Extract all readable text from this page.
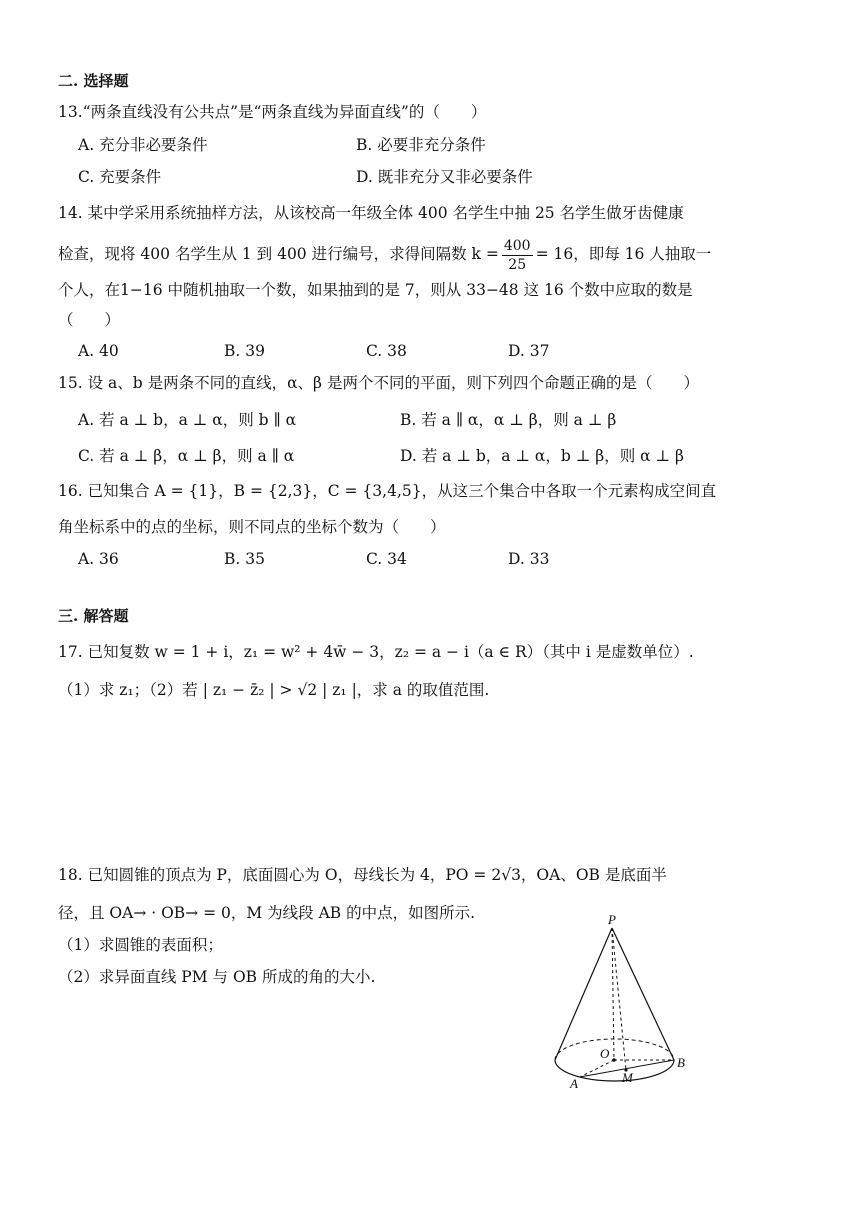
二. 选择题
13.“两条直线没有公共点”是“两条直线为异面直线”的（　　）
A. 充分非必要条件	B. 必要非充分条件
C. 充要条件	D. 既非充分又非必要条件
14. 某中学采用系统抽样方法，从该校高一年级全体 400 名学生中抽 25 名学生做牙齿健康
检查，现将 400 名学生从 1 到 400 进行编号，求得间隔数 $k = \frac{400}{25} = 16$，即每 16 人抽取一
个人，在1−16 中随机抽取一个数，如果抽到的是 7，则从 33−48 这 16 个数中应取的数是
（　　）
A. 40	B. 39	C. 38	D. 37
15. 设 a、b 是两条不同的直线，α、β 是两个不同的平面，则下列四个命题正确的是（　　）
A. 若 a ⊥ b，a ⊥ α，则 b ∥ α	B. 若 a ∥ α，α ⊥ β，则 a ⊥ β
C. 若 a ⊥ β，α ⊥ β，则 a ∥ α	D. 若 a ⊥ b，a ⊥ α，b ⊥ β，则 α ⊥ β
16. 已知集合 A = {1}，B = {2,3}，C = {3,4,5}，从这三个集合中各取一个元素构成空间直
角坐标系中的点的坐标，则不同点的坐标个数为（　　）
A. 36	B. 35	C. 34	D. 33
三. 解答题
17. 已知复数 w = 1 + i，z₁ = w² + 4w̄ − 3，z₂ = a − i（a ∈ R）（其中 i 是虚数单位）.
（1）求 z₁；（2）若 | z₁ − z̄₂ | > √2 | z₁ |，求 a 的取值范围.
18. 已知圆锥的顶点为 P，底面圆心为 O，母线长为 4，PO = 2√3，OA、OB 是底面半
径，且 OA→ · OB→ = 0，M 为线段 AB 的中点，如图所示.
（1）求圆锥的表面积；
（2）求异面直线 PM 与 OB 所成的角的大小.
P
O
A
B
M
